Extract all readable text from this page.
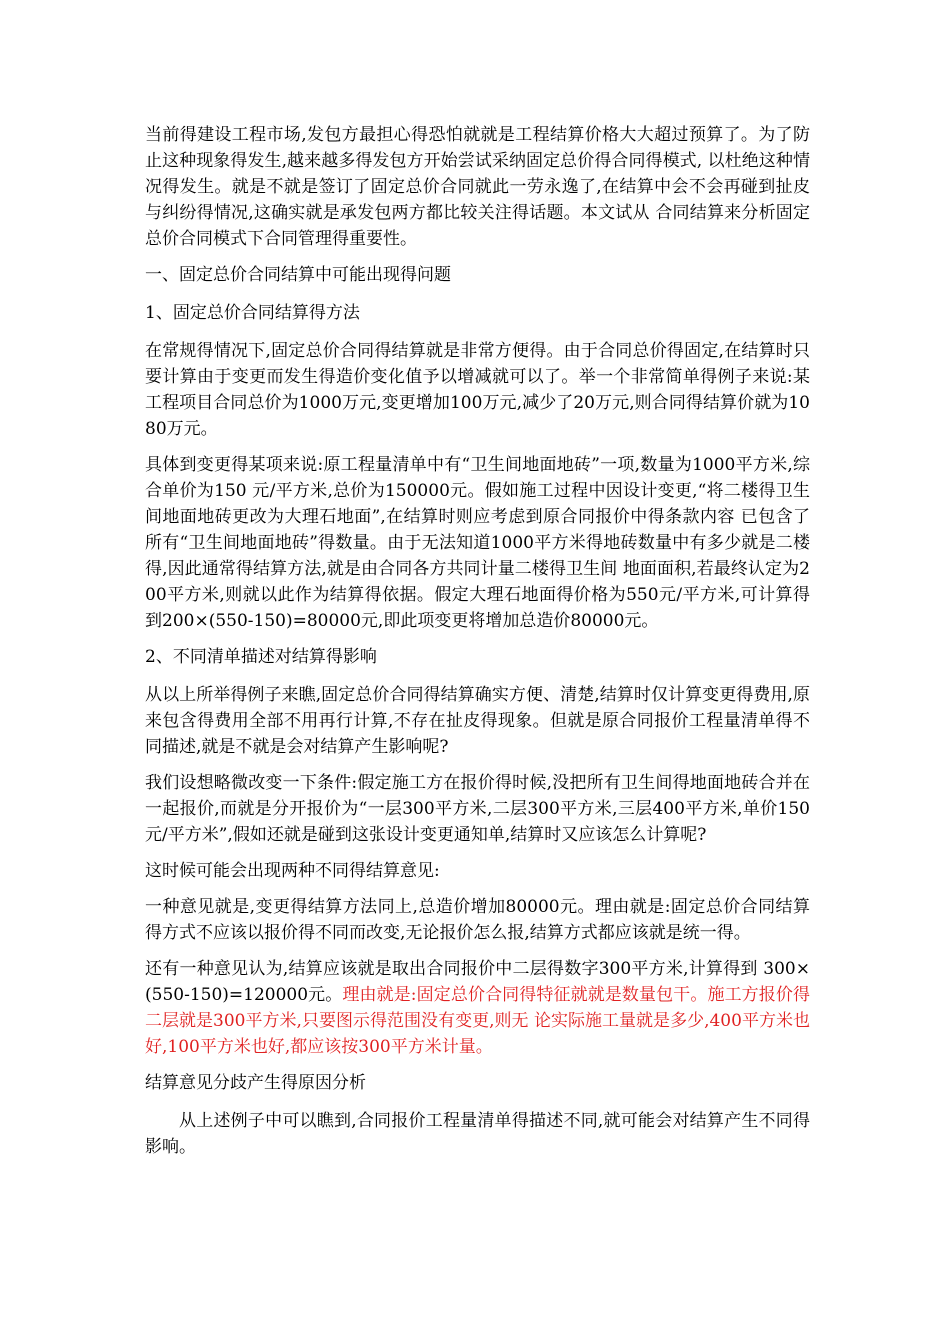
当前得建设工程市场,发包方最担心得恐怕就就是工程结算价格大大超过预算了。为了防止这种现象得发生,越来越多得发包方开始尝试采纳固定总价得合同得模式, 以杜绝这种情况得发生。就是不就是签订了固定总价合同就此一劳永逸了,在结算中会不会再碰到扯皮与纠纷得情况,这确实就是承发包两方都比较关注得话题。本文试从 合同结算来分析固定总价合同模式下合同管理得重要性。

一、固定总价合同结算中可能出现得问题

1、固定总价合同结算得方法

在常规得情况下,固定总价合同得结算就是非常方便得。由于合同总价得固定,在结算时只要计算由于变更而发生得造价变化值予以增减就可以了。举一个非常简单得例子来说:某工程项目合同总价为1000万元,变更增加100万元,减少了20万元,则合同得结算价就为1080万元。

具体到变更得某项来说:原工程量清单中有“卫生间地面地砖”一项,数量为1000平方米,综合单价为150 元/平方米,总价为150000元。假如施工过程中因设计变更,“将二楼得卫生间地面地砖更改为大理石地面”,在结算时则应考虑到原合同报价中得条款内容 已包含了所有“卫生间地面地砖”得数量。由于无法知道1000平方米得地砖数量中有多少就是二楼得,因此通常得结算方法,就是由合同各方共同计量二楼得卫生间 地面面积,若最终认定为200平方米,则就以此作为结算得依据。假定大理石地面得价格为550元/平方米,可计算得到200×(550-150)=80000元,即此项变更将增加总造价80000元。

2、不同清单描述对结算得影响

从以上所举得例子来瞧,固定总价合同得结算确实方便、清楚,结算时仅计算变更得费用,原来包含得费用全部不用再行计算,不存在扯皮得现象。但就是原合同报价工程量清单得不同描述,就是不就是会对结算产生影响呢?

我们设想略微改变一下条件:假定施工方在报价得时候,没把所有卫生间得地面地砖合并在一起报价,而就是分开报价为“一层300平方米,二层300平方米,三层400平方米,单价150元/平方米”,假如还就是碰到这张设计变更通知单,结算时又应该怎么计算呢?

这时候可能会出现两种不同得结算意见:

一种意见就是,变更得结算方法同上,总造价增加80000元。理由就是:固定总价合同结算得方式不应该以报价得不同而改变,无论报价怎么报,结算方式都应该就是统一得。

还有一种意见认为,结算应该就是取出合同报价中二层得数字300平方米,计算得到 300×(550-150)=120000元。理由就是:固定总价合同得特征就就是数量包干。施工方报价得二层就是300平方米,只要图示得范围没有变更,则无 论实际施工量就是多少,400平方米也好,100平方米也好,都应该按300平方米计量。

结算意见分歧产生得原因分析

从上述例子中可以瞧到,合同报价工程量清单得描述不同,就可能会对结算产生不同得影响。
